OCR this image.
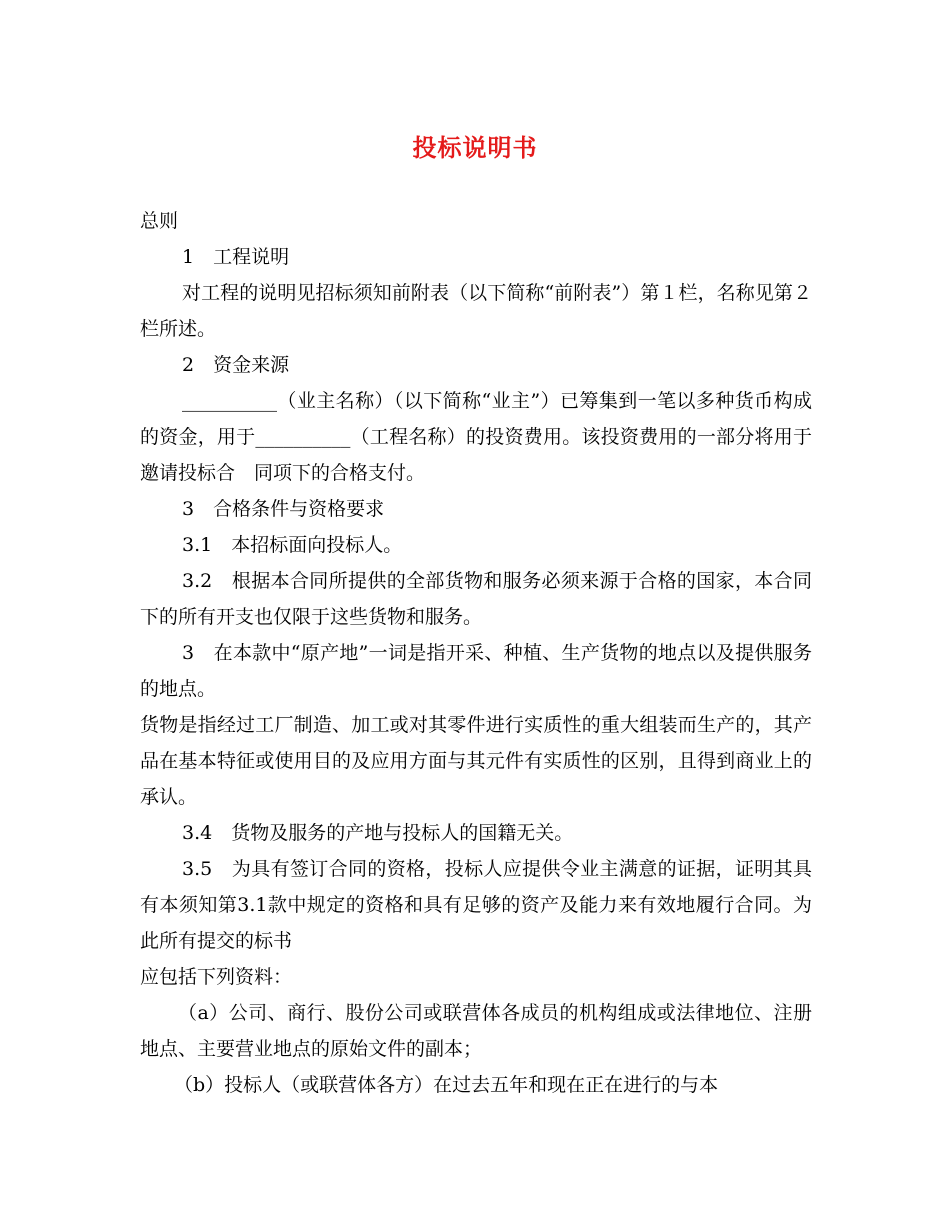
投标说明书

总则

1　工程说明

对工程的说明见招标须知前附表（以下简称“前附表”）第１栏，名称见第２栏所述。

2　资金来源

__________（业主名称）（以下简称“业主”）已筹集到一笔以多种货币构成的资金，用于__________（工程名称）的投资费用。该投资费用的一部分将用于邀请投标合　同项下的合格支付。

3　合格条件与资格要求

3.1　本招标面向投标人。

3.2　根据本合同所提供的全部货物和服务必须来源于合格的国家，本合同下的所有开支也仅限于这些货物和服务。

3　在本款中“原产地”一词是指开采、种植、生产货物的地点以及提供服务的地点。

货物是指经过工厂制造、加工或对其零件进行实质性的重大组装而生产的，其产品在基本特征或使用目的及应用方面与其元件有实质性的区别，且得到商业上的承认。

3.4　货物及服务的产地与投标人的国籍无关。

3.5　为具有签订合同的资格，投标人应提供令业主满意的证据，证明其具有本须知第3.1款中规定的资格和具有足够的资产及能力来有效地履行合同。为此所有提交的标书

应包括下列资料：

（a）公司、商行、股份公司或联营体各成员的机构组成或法律地位、注册地点、主要营业地点的原始文件的副本；

（b）投标人（或联营体各方）在过去五年和现在正在进行的与本
